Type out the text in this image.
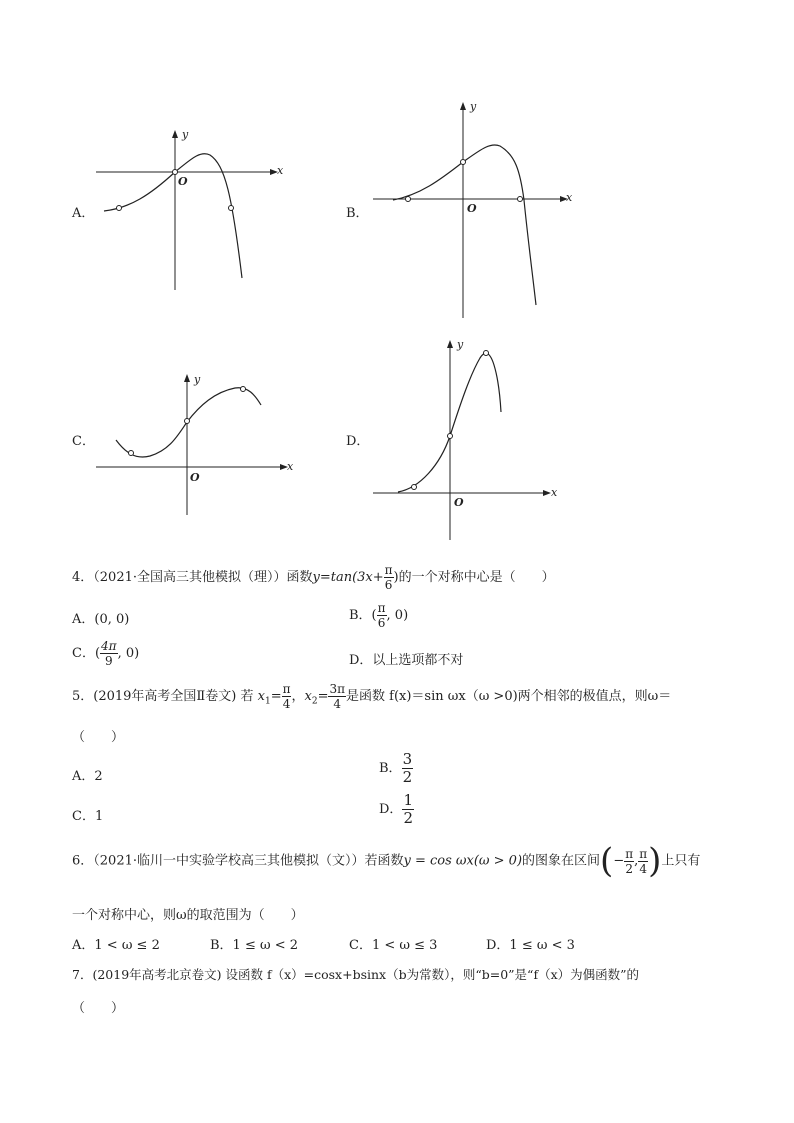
A．
y
x
O
B．
y
x
O
C．
y
x
O
D．
y
x
O
4．（2021·全国高三其他模拟（理））函数$y=\tan(3x+ \frac{\pi}{6}$ )的一个对称中心是（　　）
A．(0, 0)	B．( $\frac{\pi}{6}$ , 0)
C．( $\frac{4\pi}{9}$ , 0)	D．以上选项都不对
5．(2019年高考全国Ⅱ卷文) 若 $x_1= \frac{\pi}{4}$ ，$x_2= \frac{3\pi}{4}$ 是函数 f(x)＝sin ωx（ω >0)两个相邻的极值点，则ω＝
（　　）
A．2
B． $\frac{3}{2}$
C．1	D． $\frac{1}{2}$
6．（2021·临川一中实验学校高三其他模拟（文））若函数y = cos ωx(ω > 0)的图象在区间(− $\frac{\pi}{2}$ , $\frac{\pi}{4}$ )上只有
一个对称中心，则ω的取范围为（　　）
A．1 < ω ≤ 2	B．1 ≤ ω < 2	C．1 < ω ≤ 3	D．1 ≤ ω < 3
7．(2019年高考北京卷文) 设函数 f（x）=cosx+bsinx（b为常数），则“b=0”是“f（x）为偶函数”的
（　　）
